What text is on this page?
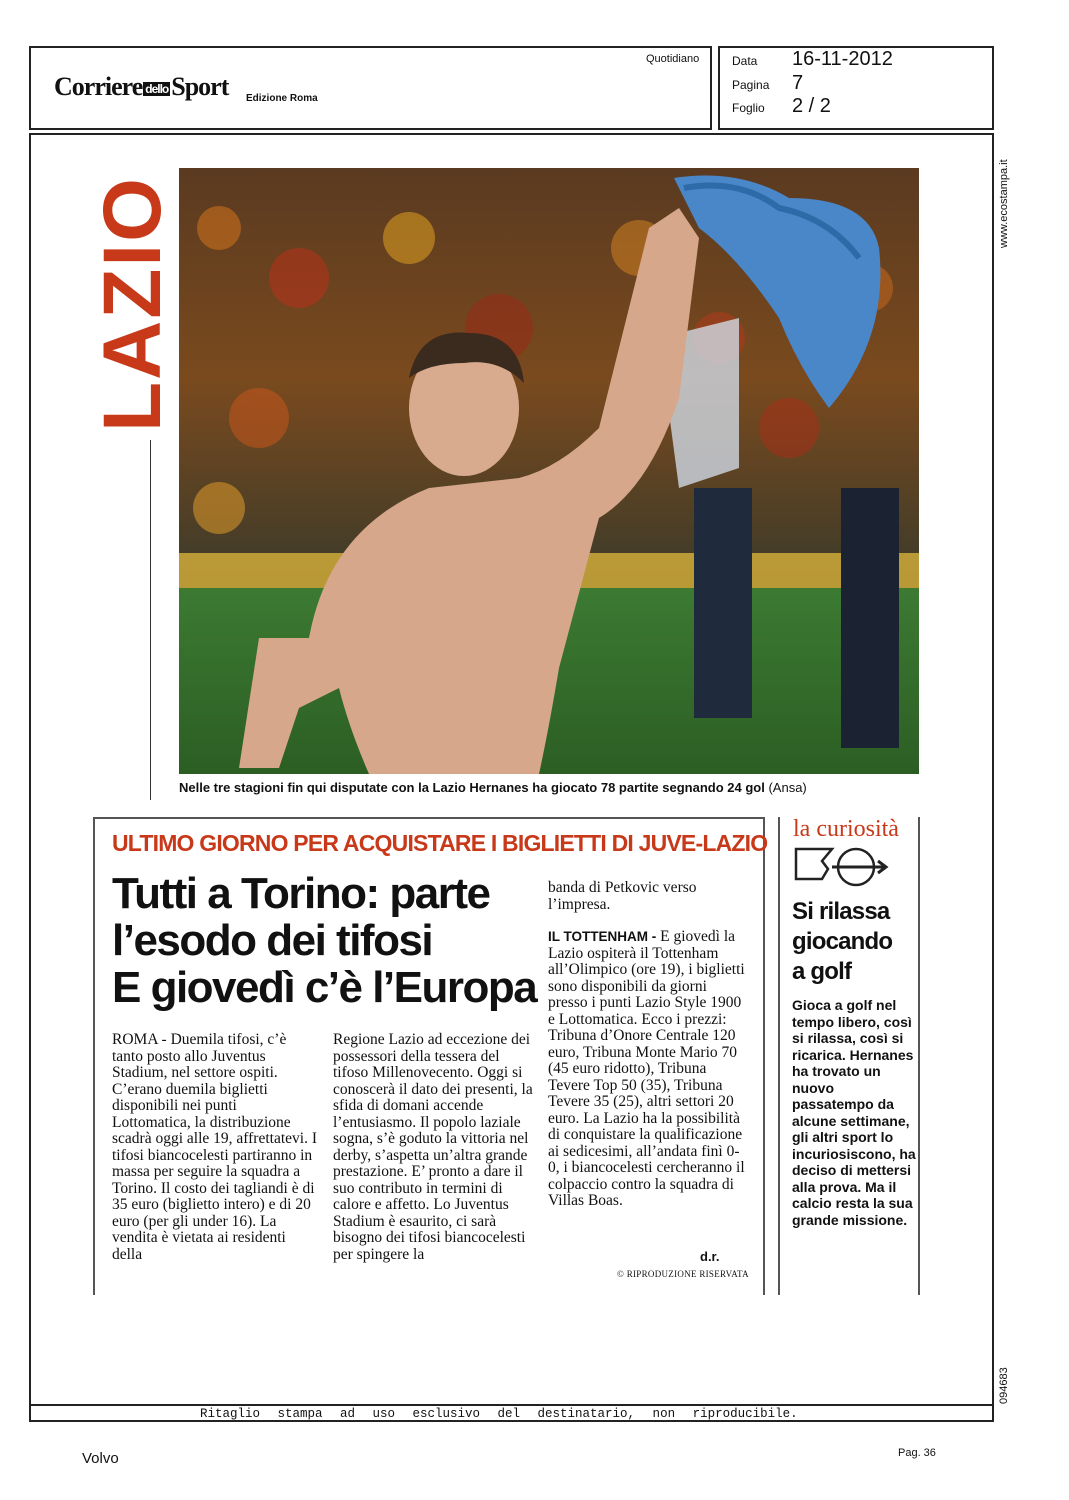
Corriere dello Sport Edizione Roma
Quotidiano	Data 16-11-2012
Pagina 7
Foglio 2 / 2
www.ecostampa.it
094683
LAZIO
Nelle tre stagioni fin qui disputate con la Lazio Hernanes ha giocato 78 partite segnando 24 gol (Ansa)
ULTIMO GIORNO PER ACQUISTARE I BIGLIETTI DI JUVE-LAZIO
Tutti a Torino: parte
l’esodo dei tifosi
E giovedì c’è l’Europa

ROMA - Duemila tifosi, c’è tanto posto allo Juventus Stadium, nel settore ospiti. C’erano duemila biglietti disponibili nei punti Lottomatica, la distribuzione scadrà oggi alle 19, affrettatevi. I tifosi biancocelesti partiranno in massa per seguire la squadra a Torino. Il costo dei tagliandi è di 35 euro (biglietto intero) e di 20 euro (per gli under 16). La vendita è vietata ai residenti della

Regione Lazio ad eccezione dei possessori della tessera del tifoso Millenovecento. Oggi si conoscerà il dato dei presenti, la sfida di domani accende l’entusiasmo. Il popolo laziale sogna, s’è goduto la vittoria nel derby, s’aspetta un’altra grande prestazione. E’ pronto a dare il suo contributo in termini di calore e affetto. Lo Juventus Stadium è esaurito, ci sarà bisogno dei tifosi biancocelesti per spingere la

banda di Petkovic verso l’impresa.

IL TOTTENHAM - E giovedì la Lazio ospiterà il Tottenham all’Olimpico (ore 19), i biglietti sono disponibili da giorni presso i punti Lazio Style 1900 e Lottomatica. Ecco i prezzi: Tribuna d’Onore Centrale 120 euro, Tribuna Monte Mario 70 (45 euro ridotto), Tribuna Tevere Top 50 (35), Tribuna Tevere 35 (25), altri settori 20 euro. La Lazio ha la possibilità di conquistare la qualificazione ai sedicesimi, all’andata finì 0-0, i biancocelesti cercheranno il colpaccio contro la squadra di Villas Boas.

d.r.
© RIPRODUZIONE RISERVATA
la curiosità
Si rilassa
giocando
a golf
Gioca a golf nel tempo libero, così si rilassa, così si ricarica. Hernanes ha trovato un nuovo passatempo da alcune settimane, gli altri sport lo incuriosiscono, ha deciso di mettersi alla prova. Ma il calcio resta la sua grande missione.
Ritaglio stampa ad uso esclusivo del destinatario, non riproducibile.
Volvo	Pag. 36
